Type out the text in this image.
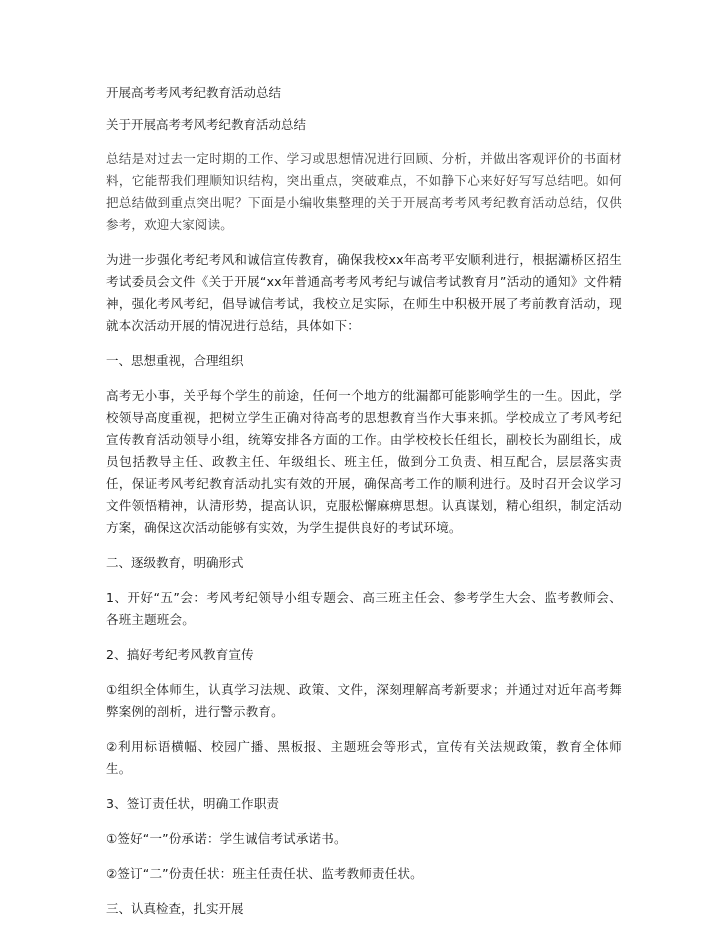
开展高考考风考纪教育活动总结
关于开展高考考风考纪教育活动总结

总结是对过去一定时期的工作、学习或思想情况进行回顾、分析，并做出客观评价的书面材料，它能帮我们理顺知识结构，突出重点，突破难点，不如静下心来好好写写总结吧。如何把总结做到重点突出呢？下面是小编收集整理的关于开展高考考风考纪教育活动总结，仅供参考，欢迎大家阅读。

为进一步强化考纪考风和诚信宣传教育，确保我校xx年高考平安顺利进行，根据灞桥区招生考试委员会文件《关于开展“xx年普通高考考风考纪与诚信考试教育月”活动的通知》文件精神，强化考风考纪，倡导诚信考试，我校立足实际，在师生中积极开展了考前教育活动，现就本次活动开展的情况进行总结，具体如下：

一、思想重视，合理组织

高考无小事，关乎每个学生的前途，任何一个地方的纰漏都可能影响学生的一生。因此，学校领导高度重视，把树立学生正确对待高考的思想教育当作大事来抓。学校成立了考风考纪宣传教育活动领导小组，统筹安排各方面的工作。由学校校长任组长，副校长为副组长，成员包括教导主任、政教主任、年级组长、班主任，做到分工负责、相互配合，层层落实责任，保证考风考纪教育活动扎实有效的开展，确保高考工作的顺利进行。及时召开会议学习文件领悟精神，认清形势，提高认识，克服松懈麻痹思想。认真谋划，精心组织，制定活动方案，确保这次活动能够有实效，为学生提供良好的考试环境。

二、逐级教育，明确形式

1、开好“五”会：考风考纪领导小组专题会、高三班主任会、参考学生大会、监考教师会、各班主题班会。

2、搞好考纪考风教育宣传

①组织全体师生，认真学习法规、政策、文件，深刻理解高考新要求；并通过对近年高考舞弊案例的剖析，进行警示教育。

②利用标语横幅、校园广播、黑板报、主题班会等形式，宣传有关法规政策，教育全体师生。

3、签订责任状，明确工作职责

①签好“一”份承诺：学生诚信考试承诺书。

②签订“二”份责任状：班主任责任状、监考教师责任状。

三、认真检查，扎实开展
